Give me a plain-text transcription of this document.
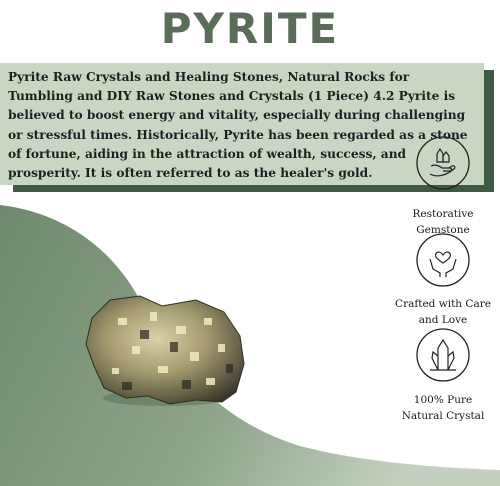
PYRITE

Pyrite Raw Crystals and Healing Stones, Natural Rocks for Tumbling and DIY Raw Stones and Crystals (1 Piece) 4.2 Pyrite is believed to boost energy and vitality, especially during challenging or stressful times. Historically, Pyrite has been regarded as a stone of fortune, aiding in the attraction of wealth, success, and prosperity. It is often referred to as the healer's gold.

Restorative
Gemstone
Crafted with Care
and Love
100% Pure
Natural Crystal
